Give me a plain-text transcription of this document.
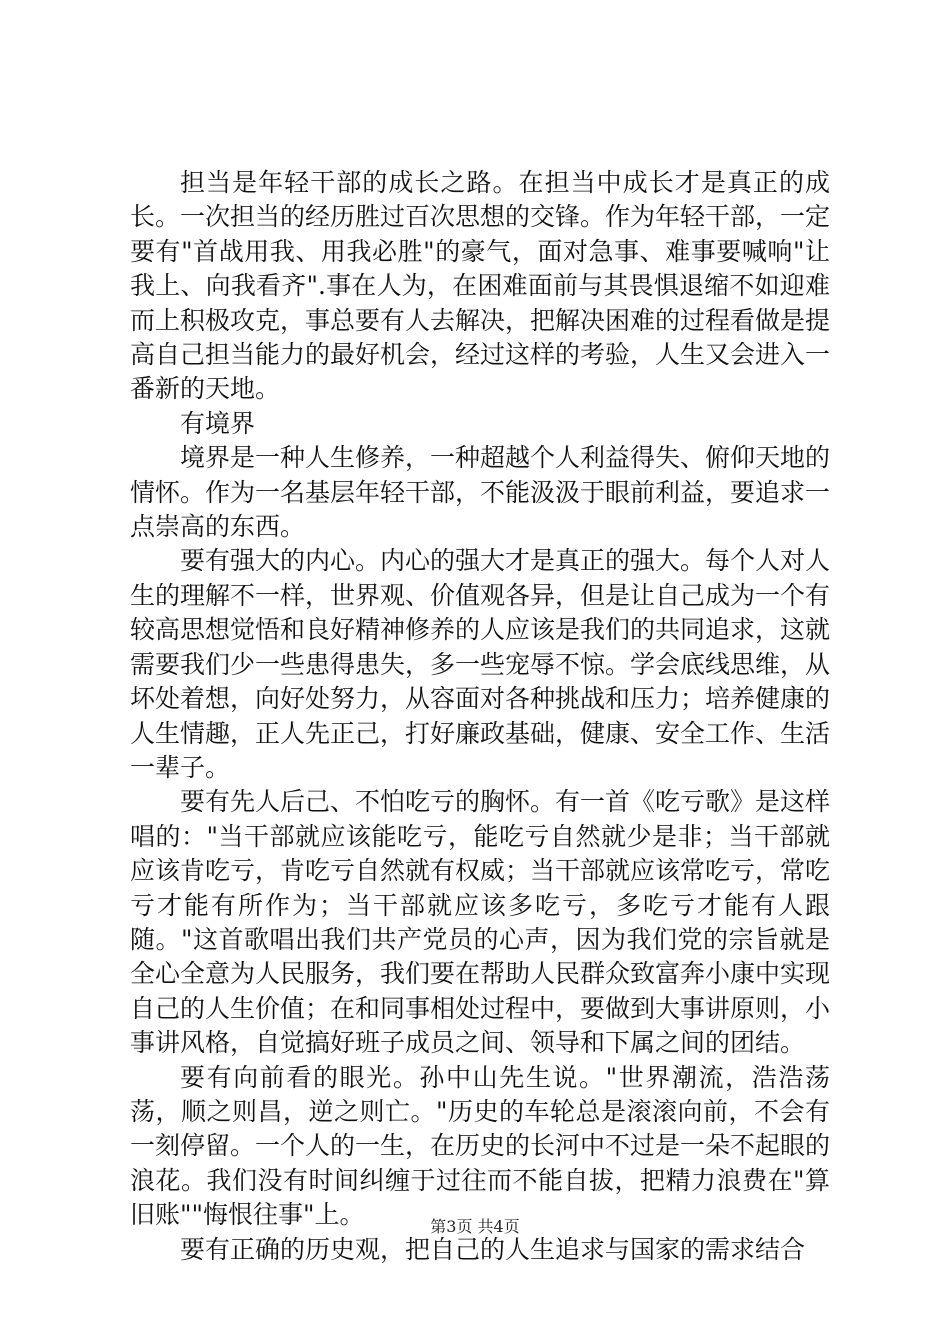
担当是年轻干部的成长之路。在担当中成长才是真正的成长。一次担当的经历胜过百次思想的交锋。作为年轻干部，一定要有"首战用我、用我必胜"的豪气，面对急事、难事要喊响"让我上、向我看齐".事在人为，在困难面前与其畏惧退缩不如迎难而上积极攻克，事总要有人去解决，把解决困难的过程看做是提高自己担当能力的最好机会，经过这样的考验，人生又会进入一番新的天地。

有境界

境界是一种人生修养，一种超越个人利益得失、俯仰天地的情怀。作为一名基层年轻干部，不能汲汲于眼前利益，要追求一点崇高的东西。

要有强大的内心。内心的强大才是真正的强大。每个人对人生的理解不一样，世界观、价值观各异，但是让自己成为一个有较高思想觉悟和良好精神修养的人应该是我们的共同追求，这就需要我们少一些患得患失，多一些宠辱不惊。学会底线思维，从坏处着想，向好处努力，从容面对各种挑战和压力；培养健康的人生情趣，正人先正己，打好廉政基础，健康、安全工作、生活一辈子。

要有先人后己、不怕吃亏的胸怀。有一首《吃亏歌》是这样唱的："当干部就应该能吃亏，能吃亏自然就少是非；当干部就应该肯吃亏，肯吃亏自然就有权威；当干部就应该常吃亏，常吃亏才能有所作为；当干部就应该多吃亏，多吃亏才能有人跟随。"这首歌唱出我们共产党员的心声，因为我们党的宗旨就是全心全意为人民服务，我们要在帮助人民群众致富奔小康中实现自己的人生价值；在和同事相处过程中，要做到大事讲原则，小事讲风格，自觉搞好班子成员之间、领导和下属之间的团结。

要有向前看的眼光。孙中山先生说。"世界潮流，浩浩荡荡，顺之则昌，逆之则亡。"历史的车轮总是滚滚向前，不会有一刻停留。一个人的一生，在历史的长河中不过是一朵不起眼的浪花。我们没有时间纠缠于过往而不能自拔，把精力浪费在"算旧账""悔恨往事"上。

要有正确的历史观，把自己的人生追求与国家的需求结合

第3页 共4页
